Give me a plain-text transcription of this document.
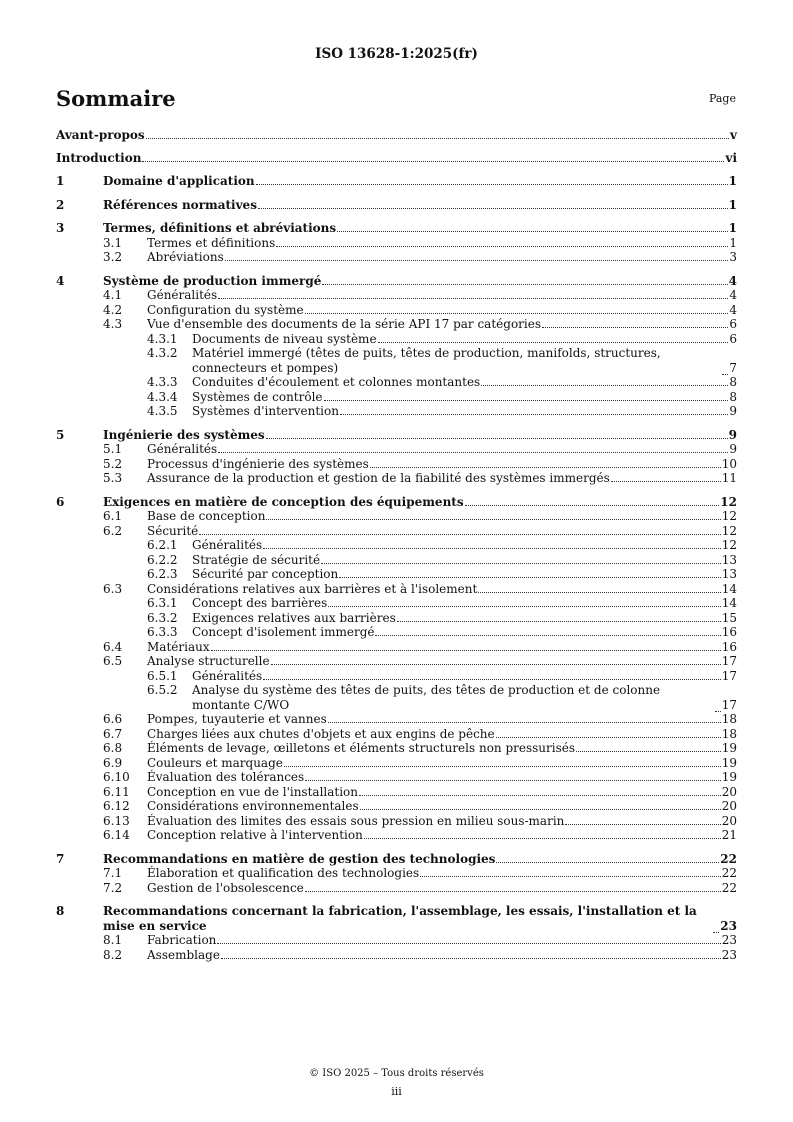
ISO 13628-1:2025(fr)
Sommaire	Page
Avant-propos	v
Introduction	vi
1	Domaine d'application	1
2	Références normatives	1
3	Termes, définitions et abréviations	1
3.1 Termes et définitions	1
3.2 Abréviations	3
4	Système de production immergé	4
4.1 Généralités	4
4.2 Configuration du système	4
4.3 Vue d'ensemble des documents de la série API 17 par catégories	6
4.3.1 Documents de niveau système	6
4.3.2 Matériel immergé (têtes de puits, têtes de production, manifolds, structures, connecteurs et pompes)	7
4.3.3 Conduites d'écoulement et colonnes montantes	8
4.3.4 Systèmes de contrôle	8
4.3.5 Systèmes d'intervention	9
5	Ingénierie des systèmes	9
5.1 Généralités	9
5.2 Processus d'ingénierie des systèmes	10
5.3 Assurance de la production et gestion de la fiabilité des systèmes immergés	11
6	Exigences en matière de conception des équipements	12
6.1 Base de conception	12
6.2 Sécurité	12
6.2.1 Généralités	12
6.2.2 Stratégie de sécurité	13
6.2.3 Sécurité par conception	13
6.3 Considérations relatives aux barrières et à l'isolement	14
6.3.1 Concept des barrières	14
6.3.2 Exigences relatives aux barrières	15
6.3.3 Concept d'isolement immergé	16
6.4 Matériaux	16
6.5 Analyse structurelle	17
6.5.1 Généralités	17
6.5.2 Analyse du système des têtes de puits, des têtes de production et de colonne montante C/WO	17
6.6 Pompes, tuyauterie et vannes	18
6.7 Charges liées aux chutes d'objets et aux engins de pêche	18
6.8 Éléments de levage, œilletons et éléments structurels non pressurisés	19
6.9 Couleurs et marquage	19
6.10 Évaluation des tolérances	19
6.11 Conception en vue de l'installation	20
6.12 Considérations environnementales	20
6.13 Évaluation des limites des essais sous pression en milieu sous-marin	20
6.14 Conception relative à l'intervention	21
7	Recommandations en matière de gestion des technologies	22
7.1 Élaboration et qualification des technologies	22
7.2 Gestion de l'obsolescence	22
8	Recommandations concernant la fabrication, l'assemblage, les essais, l'installation et la mise en service	23
8.1 Fabrication	23
8.2 Assemblage	23
© ISO 2025 – Tous droits réservés
iii
